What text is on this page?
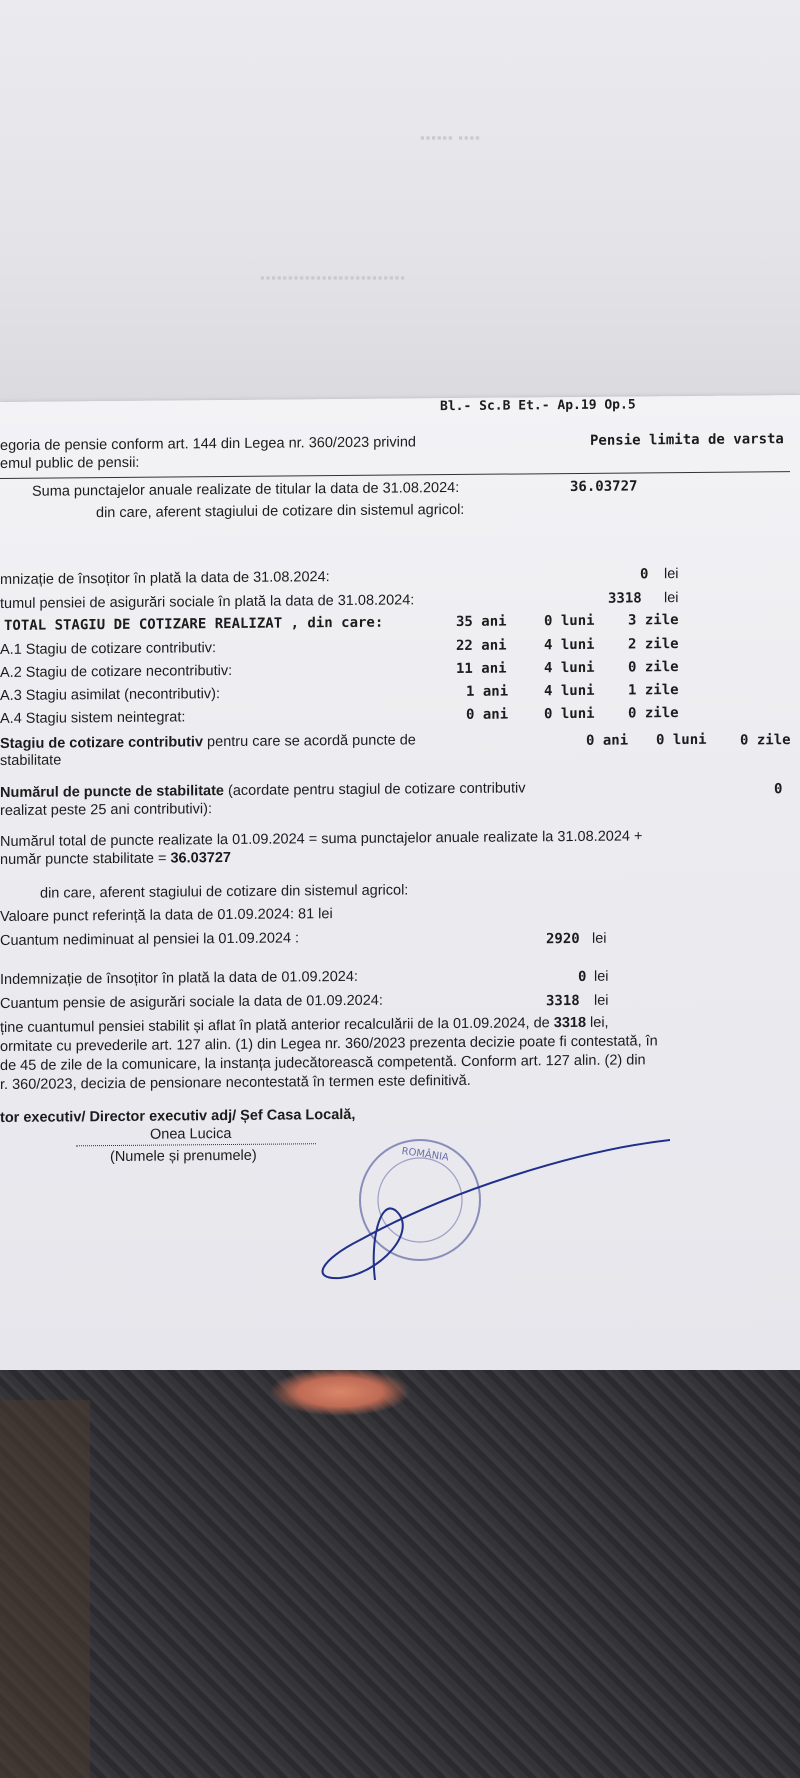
▪▪▪▪▪▪ ▪▪▪▪
▪▪▪▪▪▪▪▪▪▪▪▪▪▪▪▪▪▪▪▪▪▪▪▪▪▪
Bl.- Sc.B Et.- Ap.19 Op.5
egoria de pensie conform art. 144 din Legea nr. 360/2023 privind
emul public de pensii:
Pensie limita de varsta
Suma punctajelor anuale realizate de titular la data de 31.08.2024:	36.03727
din care, aferent stagiului de cotizare din sistemul agricol:
mnizație de însoțitor în plată la data de 31.08.2024:	0 lei
tumul pensiei de asigurări sociale în plată la data de 31.08.2024:	3318 lei
TOTAL STAGIU DE COTIZARE REALIZAT , din care:	35 ani	0 luni 3 zile
A.1 Stagiu de cotizare contributiv:	22 ani	4 luni 2 zile
A.2 Stagiu de cotizare necontributiv:	11 ani	4 luni 0 zile
A.3 Stagiu asimilat (necontributiv):	1 ani	4 luni 1 zile
A.4 Stagiu sistem neintegrat:	0 ani	0 luni 0 zile
Stagiu de cotizare contributiv pentru care se acordă puncte de
stabilitate
0 ani 0 luni 0 zile
Numărul de puncte de stabilitate (acordate pentru stagiul de cotizare contributiv
realizat peste 25 ani contributivi):
0
Numărul total de puncte realizate la 01.09.2024 = suma punctajelor anuale realizate la 31.08.2024 +
număr puncte stabilitate = 36.03727
din care, aferent stagiului de cotizare din sistemul agricol:
Valoare punct referință la data de 01.09.2024: 81 lei
Cuantum nediminuat al pensiei la 01.09.2024 :	2920 lei
Indemnizație de însoțitor în plată la data de 01.09.2024:	0 lei
Cuantum pensie de asigurări sociale la data de 01.09.2024:	3318 lei
ține cuantumul pensiei stabilit și aflat în plată anterior recalculării de la 01.09.2024, de 3318 lei,
ormitate cu prevederile art. 127 alin. (1) din Legea nr. 360/2023 prezenta decizie poate fi contestată, în
de 45 de zile de la comunicare, la instanța judecătorească competentă. Conform art. 127 alin. (2) din
r. 360/2023, decizia de pensionare necontestată în termen este definitivă.
tor executiv/ Director executiv adj/ Șef Casa Locală,
Onea Lucica
(Numele și prenumele)	ROMÂNIA
